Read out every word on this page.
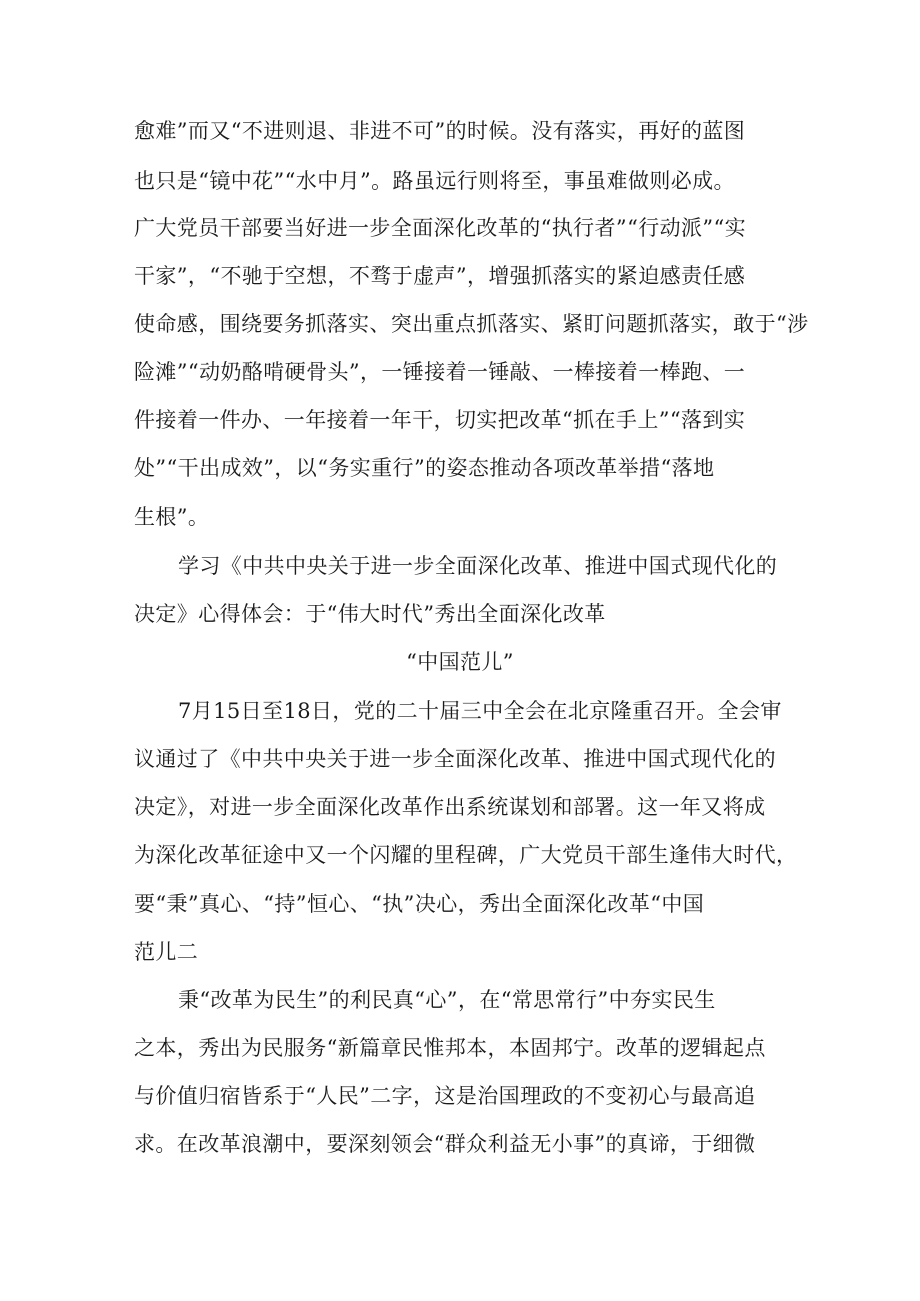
愈难”而又“不进则退、非进不可”的时候。没有落实，再好的蓝图
也只是“镜中花”“水中月”。路虽远行则将至，事虽难做则必成。
广大党员干部要当好进一步全面深化改革的“执行者”“行动派”“实
干家”，“不驰于空想，不骛于虚声”，增强抓落实的紧迫感责任感
使命感，围绕要务抓落实、突出重点抓落实、紧盯问题抓落实，敢于“涉
险滩”“动奶酪啃硬骨头”，一锤接着一锤敲、一棒接着一棒跑、一
件接着一件办、一年接着一年干，切实把改革“抓在手上”“落到实
处”“干出成效”，以“务实重行”的姿态推动各项改革举措“落地
生根”。
学习《中共中央关于进一步全面深化改革、推进中国式现代化的
决定》心得体会：于“伟大时代”秀出全面深化改革
“中国范儿”
7月15日至18日，党的二十届三中全会在北京隆重召开。全会审
议通过了《中共中央关于进一步全面深化改革、推进中国式现代化的
决定》，对进一步全面深化改革作出系统谋划和部署。这一年又将成
为深化改革征途中又一个闪耀的里程碑，广大党员干部生逢伟大时代，
要“秉”真心、“持”恒心、“执”决心，秀出全面深化改革“中国
范儿二
秉“改革为民生”的利民真“心”，在“常思常行”中夯实民生
之本，秀出为民服务“新篇章民惟邦本，本固邦宁。改革的逻辑起点
与价值归宿皆系于“人民”二字，这是治国理政的不变初心与最高追
求。在改革浪潮中，要深刻领会“群众利益无小事”的真谛，于细微
